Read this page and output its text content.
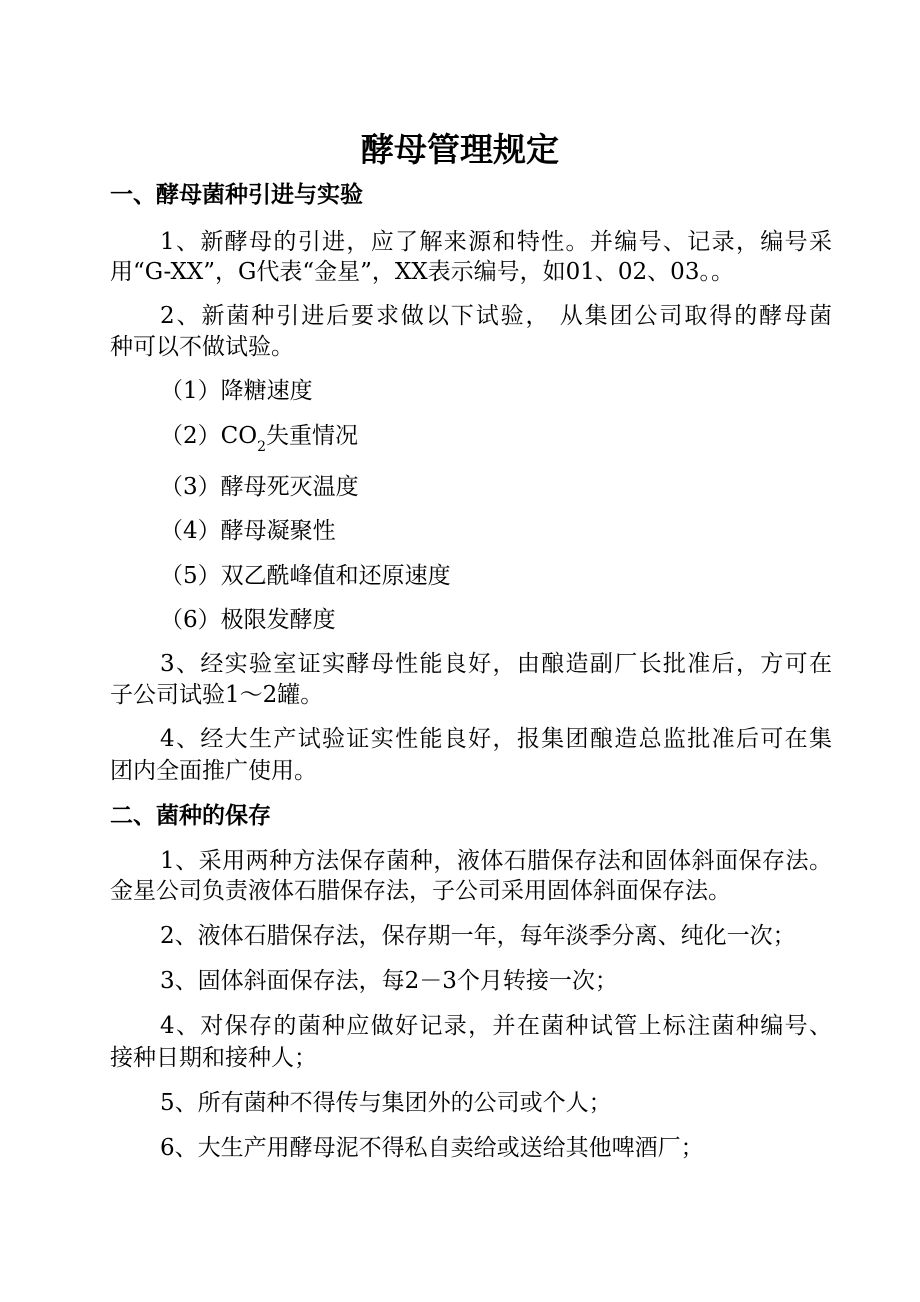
酵母管理规定
一、酵母菌种引进与实验
1、新酵母的引进，应了解来源和特性。并编号、记录，编号采
用“G-XX”，G代表“金星”，XX表示编号，如01、02、03。。
2、新菌种引进后要求做以下试验， 从集团公司取得的酵母菌
种可以不做试验。
（1）降糖速度
$(2)CO_2$失重情况
（3）酵母死灭温度
（4）酵母凝聚性
（5）双乙酰峰值和还原速度
（6）极限发酵度
3、经实验室证实酵母性能良好，由酿造副厂长批准后，方可在
子公司试验1～2罐。
4、经大生产试验证实性能良好，报集团酿造总监批准后可在集
团内全面推广使用。
二、菌种的保存
1、采用两种方法保存菌种，液体石腊保存法和固体斜面保存法。
金星公司负责液体石腊保存法，子公司采用固体斜面保存法。
2、液体石腊保存法，保存期一年，每年淡季分离、纯化一次；
3、固体斜面保存法，每2－3个月转接一次；
4、对保存的菌种应做好记录，并在菌种试管上标注菌种编号、
接种日期和接种人；
5、所有菌种不得传与集团外的公司或个人；
6、大生产用酵母泥不得私自卖给或送给其他啤酒厂；
